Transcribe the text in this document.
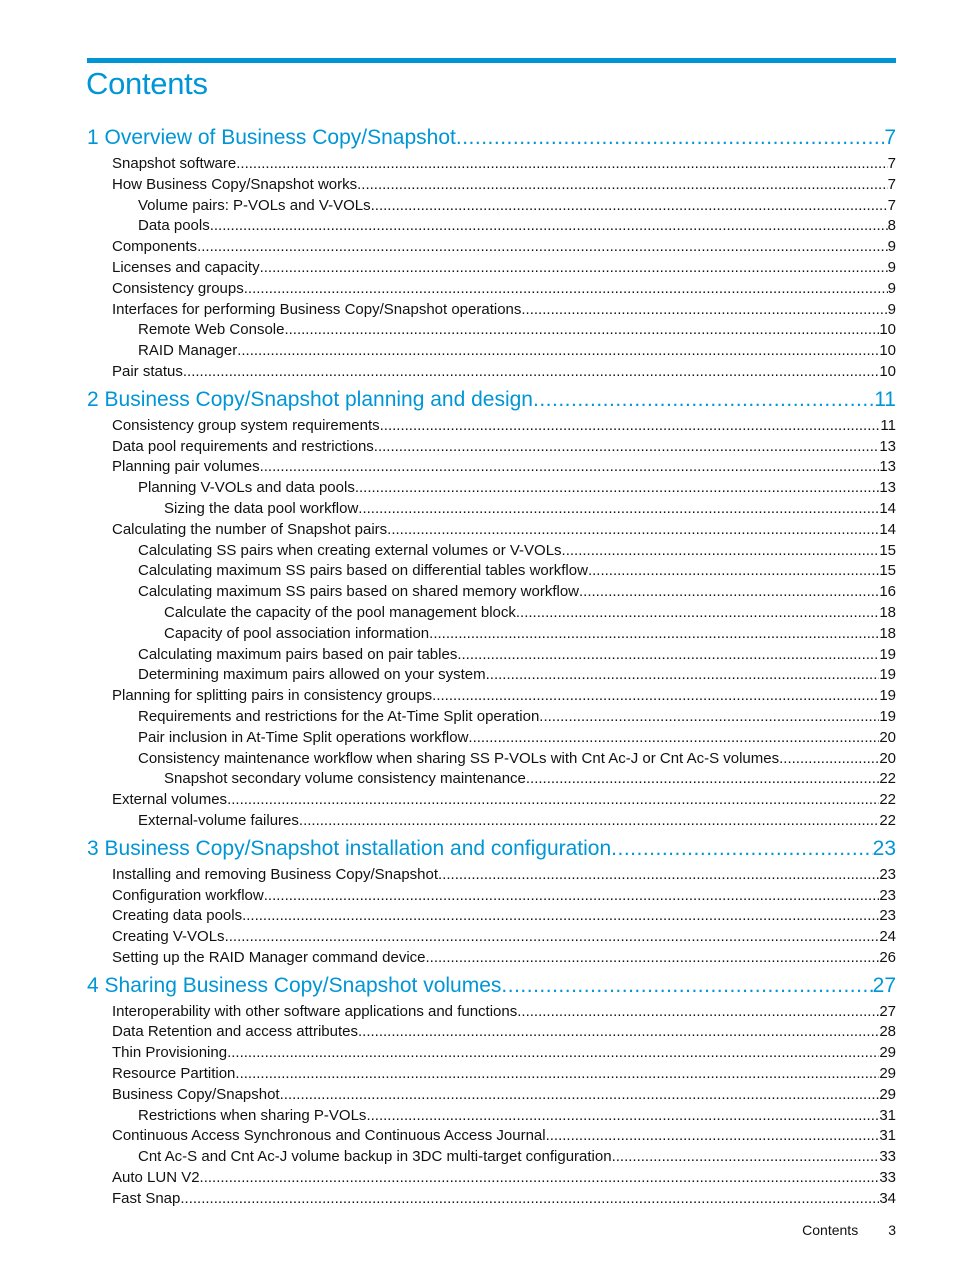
Contents
1 Overview of Business Copy/Snapshot .....	7
Snapshot software .....	7
How Business Copy/Snapshot works .....	7
Volume pairs: P-VOLs and V-VOLs .....	7
Data pools .....	8
Components .....	9
Licenses and capacity .....	9
Consistency groups .....	9
Interfaces for performing Business Copy/Snapshot operations .....	9
Remote Web Console .....	10
RAID Manager .....	10
Pair status .....	10
2 Business Copy/Snapshot planning and design .....	11
Consistency group system requirements .....	11
Data pool requirements and restrictions .....	13
Planning pair volumes .....	13
Planning V-VOLs and data pools .....	13
Sizing the data pool workflow .....	14
Calculating the number of Snapshot pairs .....	14
Calculating SS pairs when creating external volumes or V-VOLs .....	15
Calculating maximum SS pairs based on differential tables workflow .....	15
Calculating maximum SS pairs based on shared memory workflow .....	16
Calculate the capacity of the pool management block .....	18
Capacity of pool association information .....	18
Calculating maximum pairs based on pair tables .....	19
Determining maximum pairs allowed on your system .....	19
Planning for splitting pairs in consistency groups .....	19
Requirements and restrictions for the At-Time Split operation .....	19
Pair inclusion in At-Time Split operations workflow .....	20
Consistency maintenance workflow when sharing SS P-VOLs with Cnt Ac-J or Cnt Ac-S volumes .....	20
Snapshot secondary volume consistency maintenance .....	22
External volumes .....	22
External-volume failures .....	22
3 Business Copy/Snapshot installation and configuration .....	23
Installing and removing Business Copy/Snapshot .....	23
Configuration workflow .....	23
Creating data pools .....	23
Creating V-VOLs .....	24
Setting up the RAID Manager command device .....	26
4 Sharing Business Copy/Snapshot volumes .....	27
Interoperability with other software applications and functions .....	27
Data Retention and access attributes .....	28
Thin Provisioning .....	29
Resource Partition .....	29
Business Copy/Snapshot .....	29
Restrictions when sharing P-VOLs .....	31
Continuous Access Synchronous and Continuous Access Journal .....	31
Cnt Ac-S and Cnt Ac-J volume backup in 3DC multi-target configuration .....	33
Auto LUN V2 .....	33
Fast Snap .....	34
Contents 3
